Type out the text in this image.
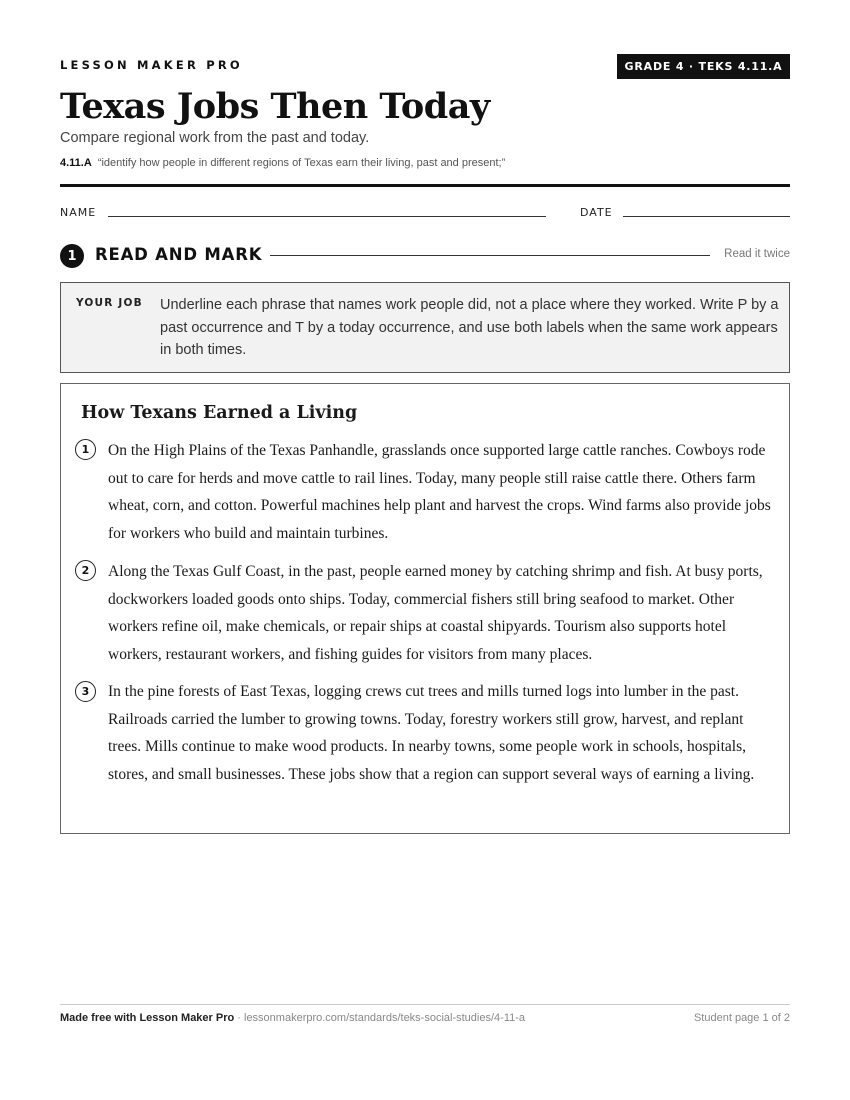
LESSON MAKER PRO	GRADE 4 · TEKS 4.11.A
Texas Jobs Then Today
Compare regional work from the past and today.
4.11.A “identify how people in different regions of Texas earn their living, past and present;”
NAME	DATE
1	READ AND MARK	Read it twice
YOUR JOB Underline each phrase that names work people did, not a place where they worked. Write P by a past occurrence and T by a today occurrence, and use both labels when the same work appears in both times.
How Texans Earned a Living
1	On the High Plains of the Texas Panhandle, grasslands once supported large cattle ranches. Cowboys rode out to care for herds and move cattle to rail lines. Today, many people still raise cattle there. Others farm wheat, corn, and cotton. Powerful machines help plant and harvest the crops. Wind farms also provide jobs for workers who build and maintain turbines.
2	Along the Texas Gulf Coast, in the past, people earned money by catching shrimp and fish. At busy ports, dockworkers loaded goods onto ships. Today, commercial fishers still bring seafood to market. Other workers refine oil, make chemicals, or repair ships at coastal shipyards. Tourism also supports hotel workers, restaurant workers, and fishing guides for visitors from many places.
3	In the pine forests of East Texas, logging crews cut trees and mills turned logs into lumber in the past. Railroads carried the lumber to growing towns. Today, forestry workers still grow, harvest, and replant trees. Mills continue to make wood products. In nearby towns, some people work in schools, hospitals, stores, and small businesses. These jobs show that a region can support several ways of earning a living.
Made free with Lesson Maker Pro · lessonmakerpro.com/standards/teks-social-studies/4-11-a	Student page 1 of 2
